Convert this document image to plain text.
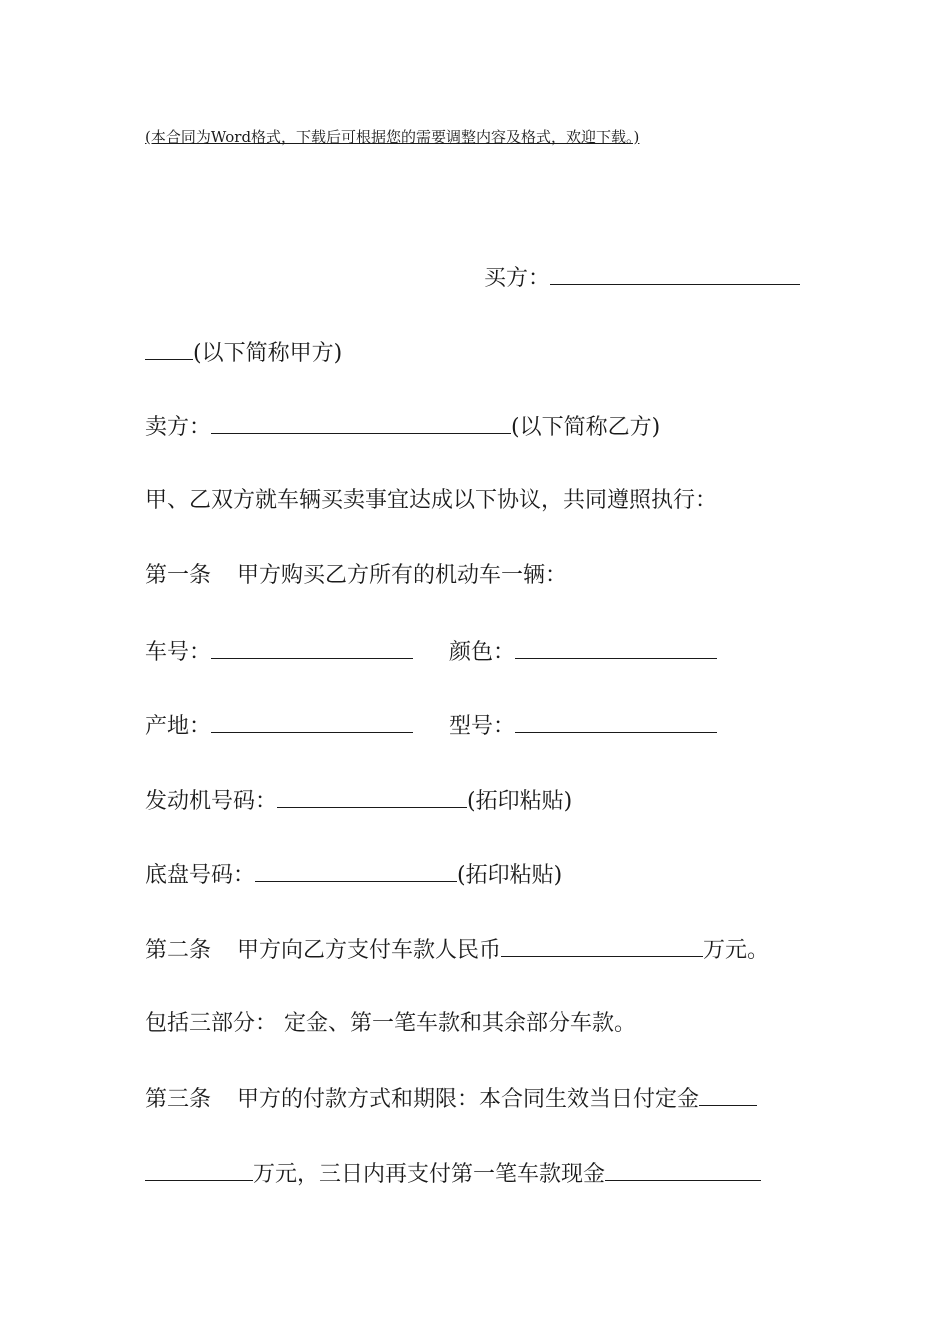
(本合同为Word格式，下载后可根据您的需要调整内容及格式，欢迎下载。)
买方：
(以下简称甲方)
卖方：	(以下简称乙方)
甲、乙双方就车辆买卖事宜达成以下协议，共同遵照执行：
第一条 甲方购买乙方所有的机动车一辆：
车号：	颜色：
产地：	型号：
发动机号码：	(拓印粘贴)
底盘号码：	(拓印粘贴)
第二条 甲方向乙方支付车款人民币	万元。
包括三部分： 定金、第一笔车款和其余部分车款。
第三条 甲方的付款方式和期限：本合同生效当日付定金
万元，三日内再支付第一笔车款现金
